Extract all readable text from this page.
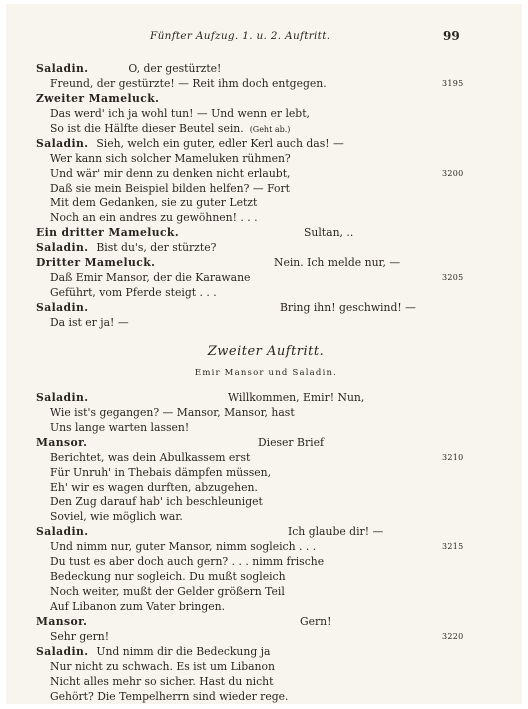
Fünfter Aufzug. 1. u. 2. Auftritt.	99
Saladin.	O, der gestürzte!
Freund, der gestürzte! — Reit ihm doch entgegen.	3195
Zweiter Mameluck.
Das werd' ich ja wohl tun! — Und wenn er lebt,
So ist die Hälfte dieser Beutel sein. (Geht ab.)
Saladin. Sieh, welch ein guter, edler Kerl auch das! —
Wer kann sich solcher Mameluken rühmen?
Und wär' mir denn zu denken nicht erlaubt,	3200
Daß sie mein Beispiel bilden helfen? — Fort
Mit dem Gedanken, sie zu guter Letzt
Noch an ein andres zu gewöhnen! . . .
Ein dritter Mameluck.	Sultan, ..
Saladin. Bist du's, der stürzte?
Dritter Mameluck.	Nein. Ich melde nur, —
Daß Emir Mansor, der die Karawane	3205
Geführt, vom Pferde steigt . . .
Saladin.	Bring ihn! geschwind! —
Da ist er ja! —
Zweiter Auftritt.
Emir Mansor und Saladin.
Saladin.	Willkommen, Emir! Nun,
Wie ist's gegangen? — Mansor, Mansor, hast
Uns lange warten lassen!
Mansor.	Dieser Brief
Berichtet, was dein Abulkassem erst	3210
Für Unruh' in Thebais dämpfen müssen,
Eh' wir es wagen durften, abzugehen.
Den Zug darauf hab' ich beschleuniget
Soviel, wie möglich war.
Saladin.	Ich glaube dir! —
Und nimm nur, guter Mansor, nimm sogleich . . .	3215
Du tust es aber doch auch gern? . . . nimm frische
Bedeckung nur sogleich. Du mußt sogleich
Noch weiter, mußt der Gelder größern Teil
Auf Libanon zum Vater bringen.
Mansor.	Gern!
Sehr gern!	3220
Saladin. Und nimm dir die Bedeckung ja
Nur nicht zu schwach. Es ist um Libanon
Nicht alles mehr so sicher. Hast du nicht
Gehört? Die Tempelherrn sind wieder rege.
